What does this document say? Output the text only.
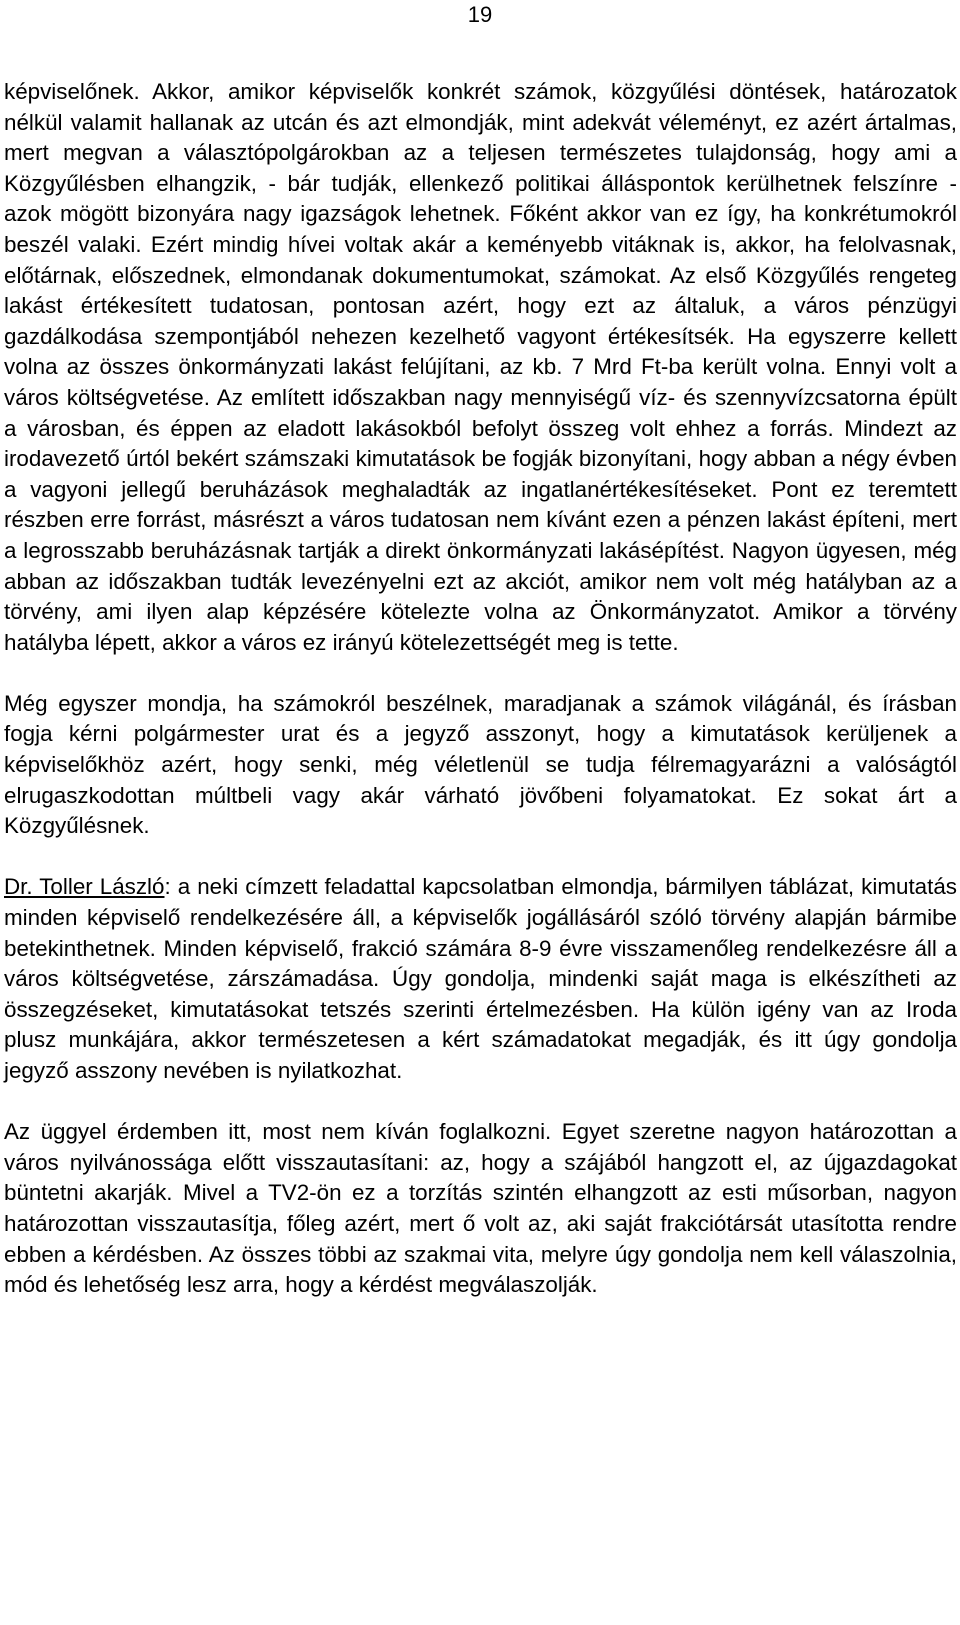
19

képviselőnek. Akkor, amikor képviselők konkrét számok, közgyűlési döntések, határozatok nélkül valamit hallanak az utcán és azt elmondják, mint adekvát véleményt, ez azért ártalmas, mert megvan a választópolgárokban az a teljesen természetes tulajdonság, hogy ami a Közgyűlésben elhangzik, - bár tudják, ellenkező politikai álláspontok kerülhetnek felszínre - azok mögött bizonyára nagy igazságok lehetnek. Főként akkor van ez így, ha konkrétumokról beszél valaki. Ezért mindig hívei voltak akár a keményebb vitáknak is, akkor, ha felolvasnak, előtárnak, előszednek, elmondanak dokumentumokat, számokat. Az első Közgyűlés rengeteg lakást értékesített tudatosan, pontosan azért, hogy ezt az általuk, a város pénzügyi gazdálkodása szempontjából nehezen kezelhető vagyont értékesítsék. Ha egyszerre kellett volna az összes önkormányzati lakást felújítani, az kb. 7 Mrd Ft-ba került volna. Ennyi volt a város költségvetése. Az említett időszakban nagy mennyiségű víz- és szennyvízcsatorna épült a városban, és éppen az eladott lakásokból befolyt összeg volt ehhez a forrás. Mindezt az irodavezető úrtól bekért számszaki kimutatások be fogják bizonyítani, hogy abban a négy évben a vagyoni jellegű beruházások meghaladták az ingatlanértékesítéseket. Pont ez teremtett részben erre forrást, másrészt a város tudatosan nem kívánt ezen a pénzen lakást építeni, mert a legrosszabb beruházásnak tartják a direkt önkormányzati lakásépítést. Nagyon ügyesen, még abban az időszakban tudták levezényelni ezt az akciót, amikor nem volt még hatályban az a törvény, ami ilyen alap képzésére kötelezte volna az Önkormányzatot. Amikor a törvény hatályba lépett, akkor a város ez irányú kötelezettségét meg is tette.

Még egyszer mondja, ha számokról beszélnek, maradjanak a számok világánál, és írásban fogja kérni polgármester urat és a jegyző asszonyt, hogy a kimutatások kerüljenek a képviselőkhöz azért, hogy senki, még véletlenül se tudja félremagyarázni a valóságtól elrugaszkodottan múltbeli vagy akár várható jövőbeni folyamatokat. Ez sokat árt a Közgyűlésnek.

Dr. Toller László: a neki címzett feladattal kapcsolatban elmondja, bármilyen táblázat, kimutatás minden képviselő rendelkezésére áll, a képviselők jogállásáról szóló törvény alapján bármibe betekinthetnek. Minden képviselő, frakció számára 8-9 évre visszamenőleg rendelkezésre áll a város költségvetése, zárszámadása. Úgy gondolja, mindenki saját maga is elkészítheti az összegzéseket, kimutatásokat tetszés szerinti értelmezésben. Ha külön igény van az Iroda plusz munkájára, akkor természetesen a kért számadatokat megadják, és itt úgy gondolja jegyző asszony nevében is nyilatkozhat.

Az üggyel érdemben itt, most nem kíván foglalkozni. Egyet szeretne nagyon határozottan a város nyilvánossága előtt visszautasítani: az, hogy a szájából hangzott el, az újgazdagokat büntetni akarják. Mivel a TV2-ön ez a torzítás szintén elhangzott az esti műsorban, nagyon határozottan visszautasítja, főleg azért, mert ő volt az, aki saját frakciótársát utasította rendre ebben a kérdésben. Az összes többi az szakmai vita, melyre úgy gondolja nem kell válaszolnia, mód és lehetőség lesz arra, hogy a kérdést megválaszolják.
